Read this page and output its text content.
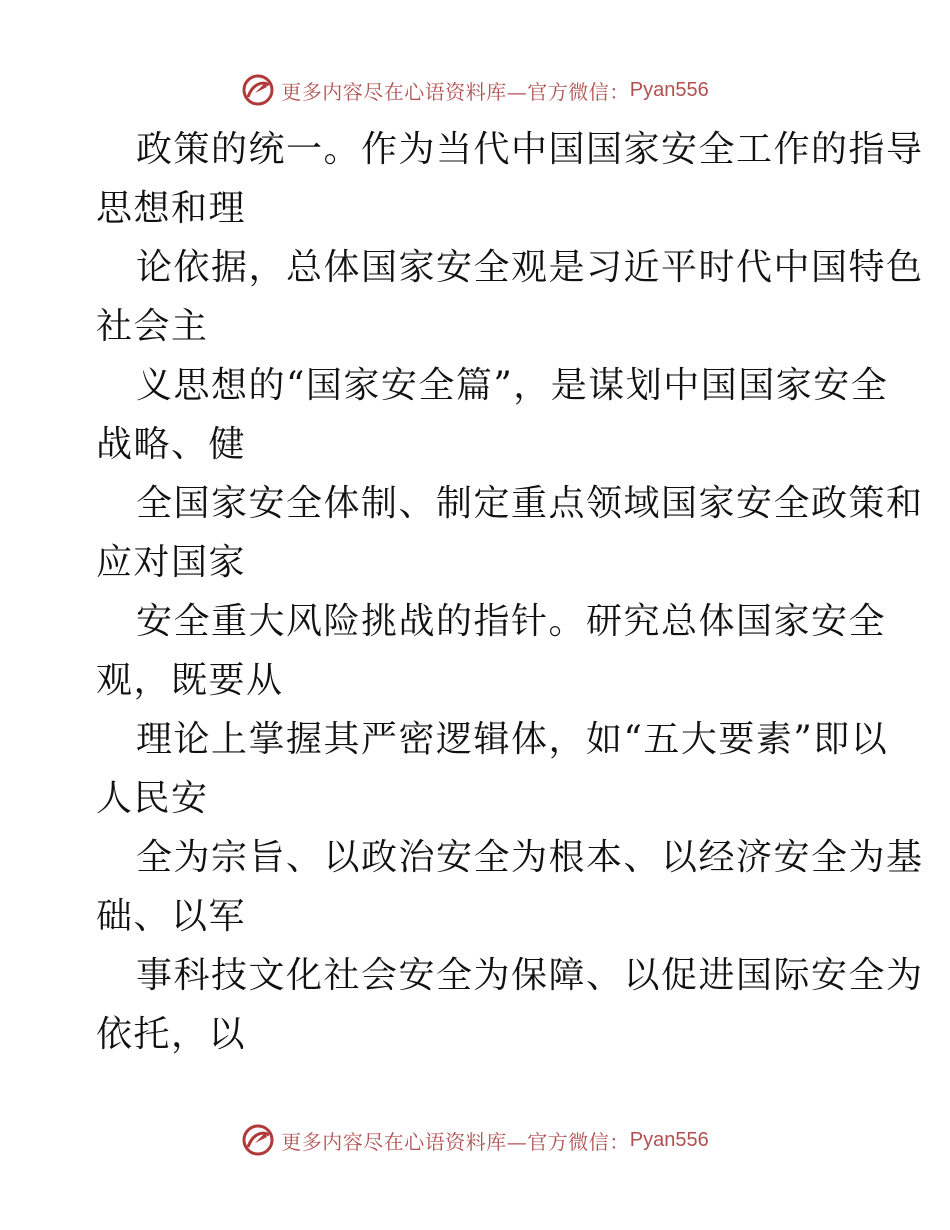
更多内容尽在心语资料库—官方微信： Pyan556

政策的统一。作为当代中国国家安全工作的指导
思想和理

论依据，总体国家安全观是习近平时代中国特色
社会主

义思想的“国家安全篇”，是谋划中国国家安全
战略、健

全国家安全体制、制定重点领域国家安全政策和
应对国家

安全重大风险挑战的指针。研究总体国家安全
观，既要从

理论上掌握其严密逻辑体，如“五大要素”即以
人民安

全为宗旨、以政治安全为根本、以经济安全为基
础、以军

事科技文化社会安全为保障、以促进国际安全为
依托，以

更多内容尽在心语资料库—官方微信： Pyan556
